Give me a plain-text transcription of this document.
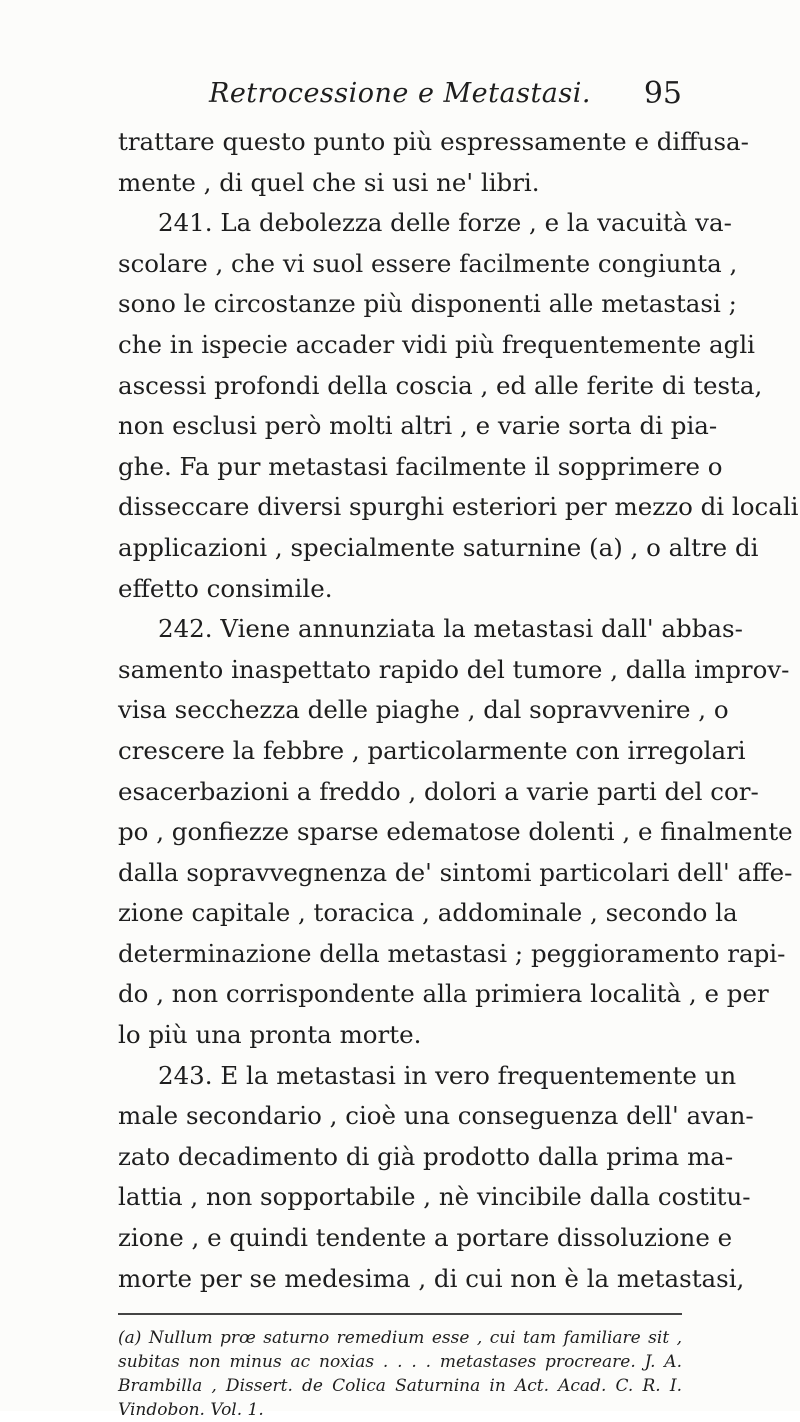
Retrocessione e Metastasi.	95
trattare questo punto più espressamente e diffusa-
mente , di quel che si usi ne' libri.
241. La debolezza delle forze , e la vacuità va-
scolare , che vi suol essere facilmente congiunta ,
sono le circostanze più disponenti alle metastasi ;
che in ispecie accader vidi più frequentemente agli
ascessi profondi della coscia , ed alle ferite di testa,
non esclusi però molti altri , e varie sorta di pia-
ghe. Fa pur metastasi facilmente il sopprimere o
disseccare diversi spurghi esteriori per mezzo di locali
applicazioni , specialmente saturnine (a) , o altre di
effetto consimile.
242. Viene annunziata la metastasi dall' abbas-
samento inaspettato rapido del tumore , dalla improv-
visa secchezza delle piaghe , dal sopravvenire , o
crescere la febbre , particolarmente con irregolari
esacerbazioni a freddo , dolori a varie parti del cor-
po , gonfiezze sparse edematose dolenti , e finalmente
dalla sopravvegnenza de' sintomi particolari dell' affe-
zione capitale , toracica , addominale , secondo la
determinazione della metastasi ; peggioramento rapi-
do , non corrispondente alla primiera località , e per
lo più una pronta morte.
243. E la metastasi in vero frequentemente un
male secondario , cioè una conseguenza dell' avan-
zato decadimento di già prodotto dalla prima ma-
lattia , non sopportabile , nè vincibile dalla costitu-
zione , e quindi tendente a portare dissoluzione e
morte per se medesima , di cui non è la metastasi,
(a) Nullum prœ saturno remedium esse , cui tam familiare sit ,
subitas non minus ac noxias . . . . metastases procreare. J. A.
Brambilla , Dissert. de Colica Saturnina in Act. Acad. C. R. I.
Vindobon. Vol. 1.
